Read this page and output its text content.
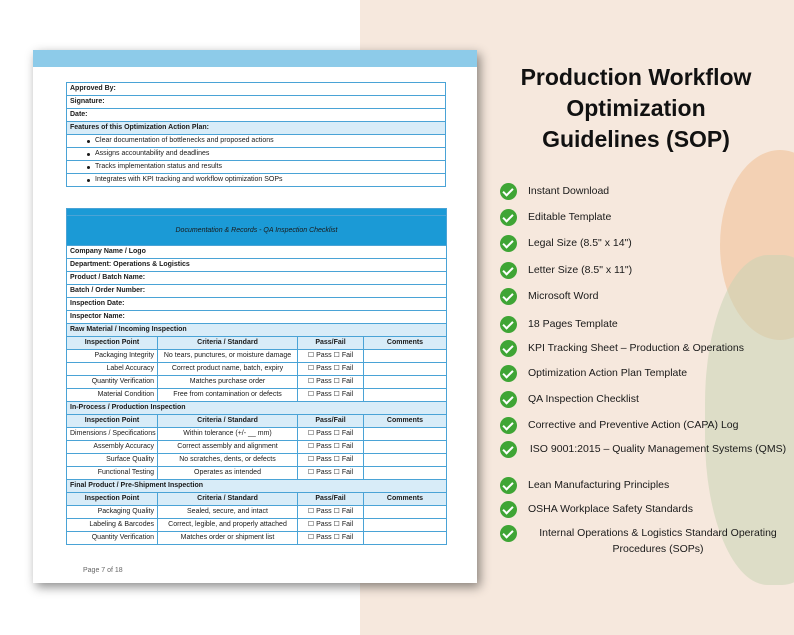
Approved By:
Signature:
Date:
Features of this Optimization Action Plan:
Clear documentation of bottlenecks and proposed actions
Assigns accountability and deadlines
Tracks implementation status and results
Integrates with KPI tracking and workflow optimization SOPs

Documentation & Records - QA Inspection Checklist			
Company Name / Logo			
Department: Operations & Logistics			
Product / Batch Name:			
Batch / Order Number:			
Inspection Date:			
Inspector Name:			
Raw Material / Incoming Inspection			
Inspection Point	Criteria / Standard	Pass/Fail	Comments
Packaging Integrity	No tears, punctures, or moisture damage	☐ Pass ☐ Fail	
Label Accuracy	Correct product name, batch, expiry	☐ Pass ☐ Fail	
Quantity Verification	Matches purchase order	☐ Pass ☐ Fail	
Material Condition	Free from contamination or defects	☐ Pass ☐ Fail	
In-Process / Production Inspection			
Inspection Point	Criteria / Standard	Pass/Fail	Comments
Dimensions / Specifications	Within tolerance (+/- __ mm)	☐ Pass ☐ Fail	
Assembly Accuracy	Correct assembly and alignment	☐ Pass ☐ Fail	
Surface Quality	No scratches, dents, or defects	☐ Pass ☐ Fail	
Functional Testing	Operates as intended	☐ Pass ☐ Fail	
Final Product / Pre-Shipment Inspection			
Inspection Point	Criteria / Standard	Pass/Fail	Comments
Packaging Quality	Sealed, secure, and intact	☐ Pass ☐ Fail	
Labeling & Barcodes	Correct, legible, and properly attached	☐ Pass ☐ Fail	
Quantity Verification	Matches order or shipment list	☐ Pass ☐ Fail	
Page 7 of 18
Production Workflow
Optimization
Guidelines (SOP)
Instant Download
Editable Template
Legal Size (8.5" x 14")
Letter Size (8.5" x 11")
Microsoft Word
18 Pages Template
KPI Tracking Sheet – Production & Operations
Optimization Action Plan Template
QA Inspection Checklist
Corrective and Preventive Action (CAPA) Log
ISO 9001:2015 – Quality Management Systems (QMS)
Lean Manufacturing Principles
OSHA Workplace Safety Standards
Internal Operations & Logistics Standard Operating Procedures (SOPs)
